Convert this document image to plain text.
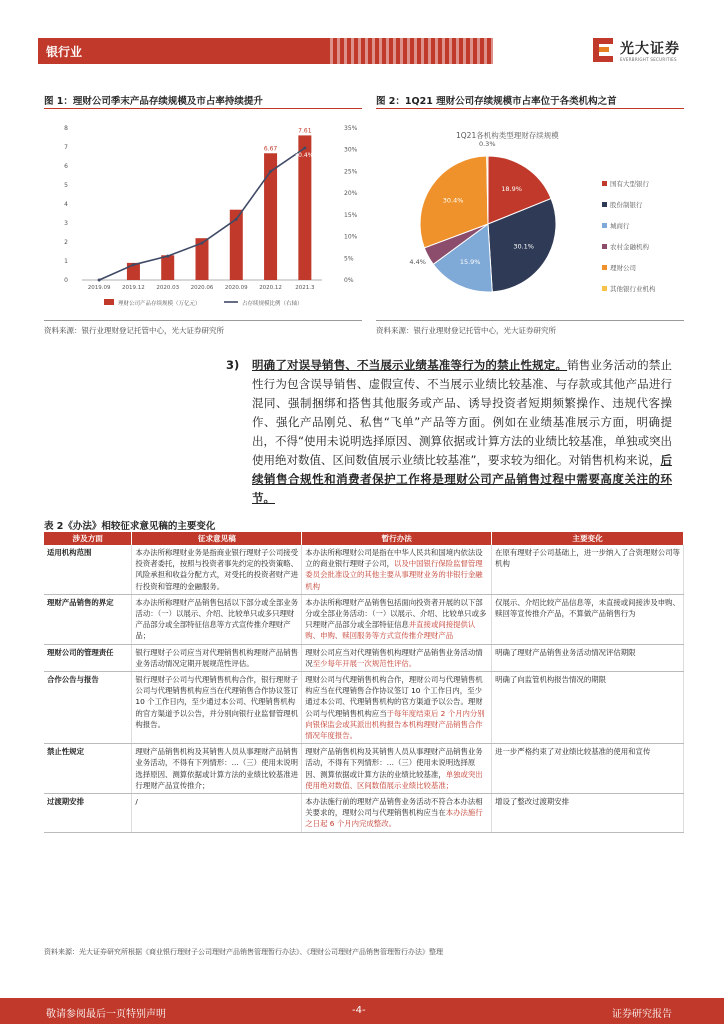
银行业	光大证券
EVERBRIGHT SECURITIES
图 1：理财公司季末产品存续规模及市占率持续提升
0
1
2
3
4
5
6
7
8
0%
5%
10%
15%
20%
25%
30%
35%
2019.09 2019.12 2020.03 2020.06 2020.09 2020.12 2021.3
6.67
7.61
25.0%
30.4%
理财公司产品存续规模（万亿元）	占存续规模比例（右轴）
资料来源：银行业理财登记托管中心，光大证券研究所
图 2：1Q21 理财公司存续规模市占率位于各类机构之首
1Q21各机构类型理财存续规模
18.9%
30.1%
15.9%
4.4%
30.4%
0.3%
国有大型银行
股份制银行
城商行
农村金融机构
理财公司
其他银行业机构
资料来源：银行业理财登记托管中心，光大证券研究所
3) 明确了对误导销售、不当展示业绩基准等行为的禁止性规定。销售业务活动的禁止性行为包含误导销售、虚假宣传、不当展示业绩比较基准、与存款或其他产品进行混同、强制捆绑和搭售其他服务或产品、诱导投资者短期频繁操作、违规代客操作、强化产品刚兑、私售“飞单”产品等方面。例如在业绩基准展示方面，明确提出，不得“使用未说明选择原因、测算依据或计算方法的业绩比较基准，单独或突出使用绝对数值、区间数值展示业绩比较基准”，要求较为细化。对销售机构来说，后续销售合规性和消费者保护工作将是理财公司产品销售过程中需要高度关注的环节。
表 2《办法》相较征求意见稿的主要变化
涉及方面	征求意见稿	暂行办法	主要变化
适用机构范围	本办法所称理财业务是指商业银行理财子公司接受投资者委托，按照与投资者事先约定的投资策略、风险承担和收益分配方式，对受托的投资者财产进行投资和管理的金融服务。	本办法所称理财公司是指在中华人民共和国境内依法设立的商业银行理财子公司，以及中国银行保险监督管理委员会批准设立的其他主要从事理财业务的非银行金融机构	在原有理财子公司基础上，进一步纳入了合资理财公司等机构
理财产品销售的界定	本办法所称理财产品销售包括以下部分或全部业务活动：（一）以展示、介绍、比较单只或多只理财产品部分或全部特征信息等方式宣传推介理财产品；	本办法所称理财产品销售包括面向投资者开展的以下部分或全部业务活动：（一）以展示、介绍、比较单只或多只理财产品部分或全部特征信息并直接或间接提供认购、申购、赎回服务等方式宣传推介理财产品	仅展示、介绍比较产品信息等，未直接或间接涉及申购、赎回等宣传推介产品，不算做产品销售行为
理财公司的管理责任	银行理财子公司应当对代理销售机构理财产品销售业务活动情况定期开展规范性评估。	理财公司应当对代理销售机构理财产品销售业务活动情况至少每年开展一次规范性评估。	明确了理财产品销售业务活动情况评估期限
合作公告与报告	银行理财子公司与代理销售机构合作，银行理财子公司与代理销售机构应当在代理销售合作协议签订 10 个工作日内，至少通过本公司、代理销售机构的官方渠道予以公告，并分别向银行业监督管理机构报告。	理财公司与代理销售机构合作，理财公司与代理销售机构应当在代理销售合作协议签订 10 个工作日内，至少通过本公司、代理销售机构的官方渠道予以公告。理财公司与代理销售机构应当于每年度结束后 2 个月内分别向银保监会或其派出机构报告本机构理财产品销售合作情况年度报告。	明确了向监管机构报告情况的期限
禁止性规定	理财产品销售机构及其销售人员从事理财产品销售业务活动，不得有下列情形：…（三）使用未说明选择原因、测算依据或计算方法的业绩比较基准进行理财产品宣传推介；	理财产品销售机构及其销售人员从事理财产品销售业务活动，不得有下列情形：…（三）使用未说明选择原因、测算依据或计算方法的业绩比较基准，单独或突出使用绝对数值、区间数值展示业绩比较基准；	进一步严格约束了对业绩比较基准的使用和宣传
过渡期安排	/	本办法施行前的理财产品销售业务活动不符合本办法相关要求的，理财公司与代理销售机构应当在本办法施行之日起 6 个月内完成整改。	增设了整改过渡期安排
资料来源：光大证券研究所根据《商业银行理财子公司理财产品销售管理暂行办法》、《理财公司理财产品销售管理暂行办法》整理
敬请参阅最后一页特别声明	-4-	证券研究报告
